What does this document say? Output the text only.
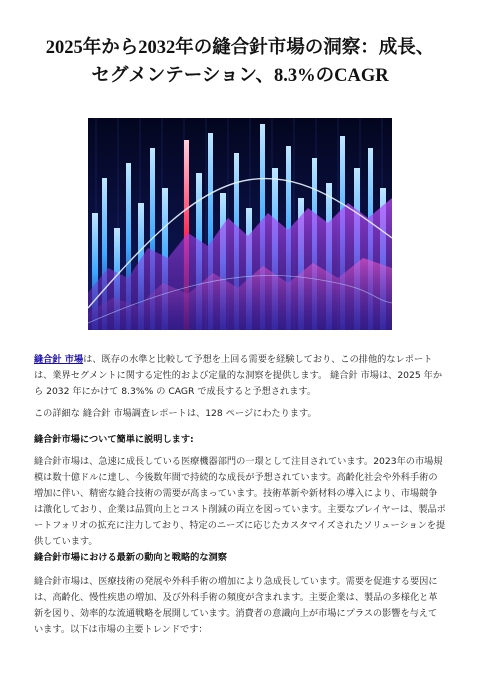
2025年から2032年の縫合針市場の洞察：成長、
セグメンテーション、8.3%のCAGR

縫合針 市場は、既存の水準と比較して予想を上回る需要を経験しており、この排他的なレポートは、業界セグメントに関する定性的および定量的な洞察を提供します。 縫合針 市場は、2025 年から 2032 年にかけて 8.3%% の CAGR で成長すると予想されます。

この詳細な 縫合針 市場調査レポートは、128 ページにわたります。

縫合針市場について簡単に説明します:

縫合針市場は、急速に成長している医療機器部門の一環として注目されています。2023年の市場規模は数十億ドルに達し、今後数年間で持続的な成長が予想されています。高齢化社会や外科手術の増加に伴い、精密な縫合技術の需要が高まっています。技術革新や新材料の導入により、市場競争は激化しており、企業は品質向上とコスト削減の両立を図っています。主要なプレイヤーは、製品ポートフォリオの拡充に注力しており、特定のニーズに応じたカスタマイズされたソリューションを提供しています。

縫合針市場における最新の動向と戦略的な洞察

縫合針市場は、医療技術の発展や外科手術の増加により急成長しています。需要を促進する要因には、高齢化、慢性疾患の増加、及び外科手術の頻度が含まれます。主要企業は、製品の多様化と革新を図り、効率的な流通戦略を展開しています。消費者の意識向上が市場にプラスの影響を与えています。以下は市場の主要トレンドです：
